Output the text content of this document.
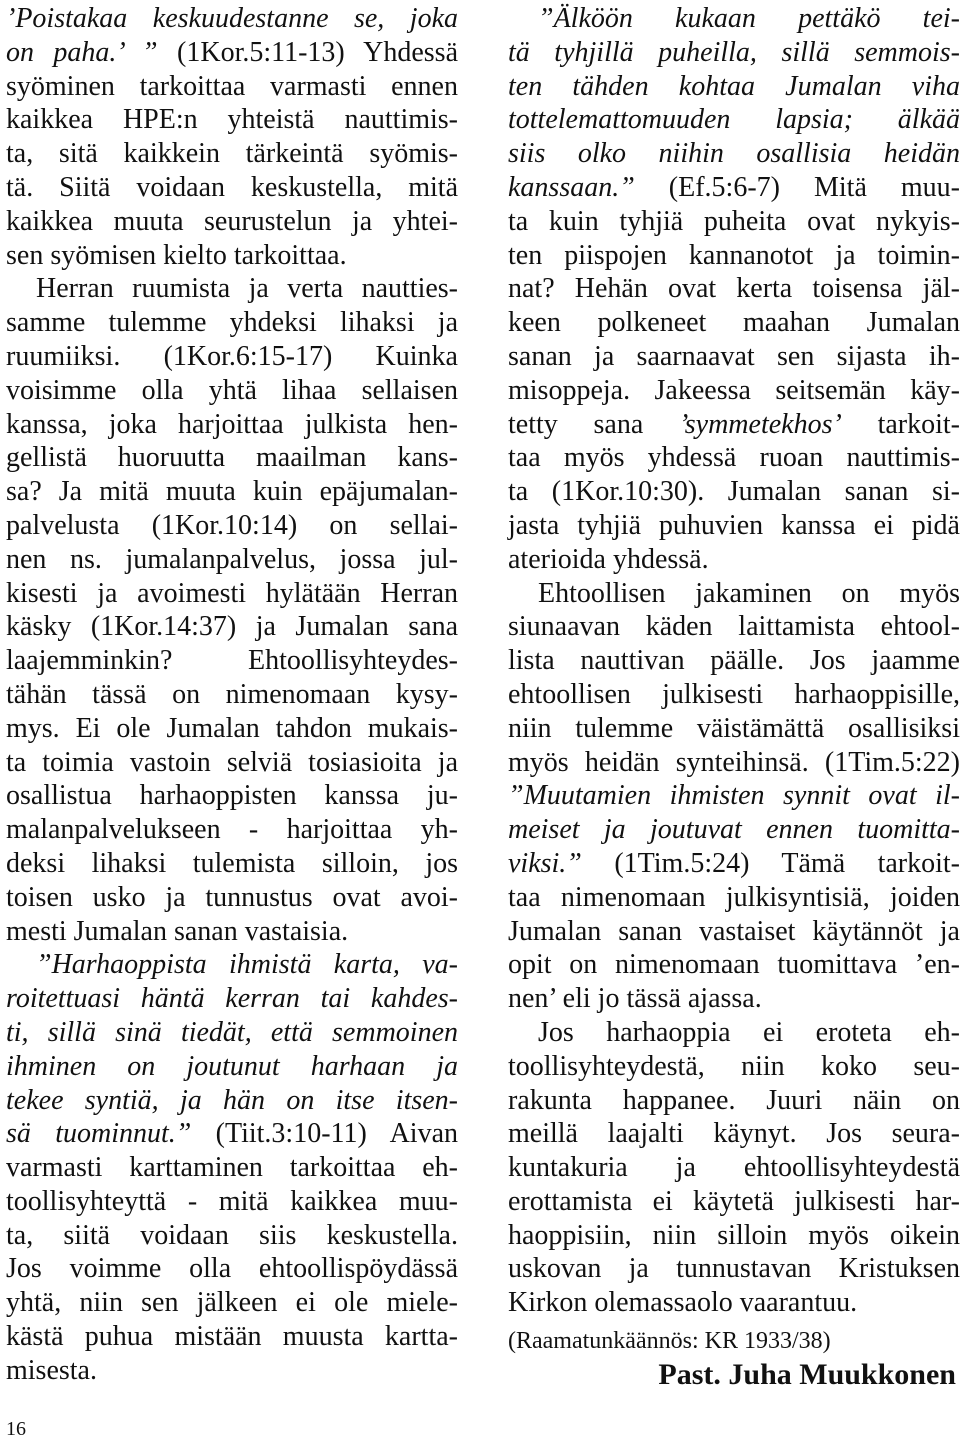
’Poistakaa keskuudestanne se, joka
on paha.’ ” (1Kor.5:11-13) Yhdessä
syöminen tarkoittaa varmasti ennen
kaikkea HPE:n yhteistä nauttimis-
ta, sitä kaikkein tärkeintä syömis-
tä. Siitä voidaan keskustella, mitä
kaikkea muuta seurustelun ja yhtei-
sen syömisen kielto tarkoittaa.
Herran ruumista ja verta nautties-
samme tulemme yhdeksi lihaksi ja
ruumiiksi. (1Kor.6:15-17) Kuinka
voisimme olla yhtä lihaa sellaisen
kanssa, joka harjoittaa julkista hen-
gellistä huoruutta maailman kans-
sa? Ja mitä muuta kuin epäjumalan-
palvelusta (1Kor.10:14) on sellai-
nen ns. jumalanpalvelus, jossa jul-
kisesti ja avoimesti hylätään Herran
käsky (1Kor.14:37) ja Jumalan sana
laajemminkin? Ehtoollisyhteydes-
tähän tässä on nimenomaan kysy-
mys. Ei ole Jumalan tahdon mukais-
ta toimia vastoin selviä tosiasioita ja
osallistua harhaoppisten kanssa ju-
malanpalvelukseen - harjoittaa yh-
deksi lihaksi tulemista silloin, jos
toisen usko ja tunnustus ovat avoi-
mesti Jumalan sanan vastaisia.
”Harhaoppista ihmistä karta, va-
roitettuasi häntä kerran tai kahdes-
ti, sillä sinä tiedät, että semmoinen
ihminen on joutunut harhaan ja
tekee syntiä, ja hän on itse itsen-
sä tuominnut.” (Tiit.3:10-11) Aivan
varmasti karttaminen tarkoittaa eh-
toollisyhteyttä - mitä kaikkea muu-
ta, siitä voidaan siis keskustella.
Jos voimme olla ehtoollispöydässä
yhtä, niin sen jälkeen ei ole miele-
kästä puhua mistään muusta kartta-
misesta.
”Älköön kukaan pettäkö tei-
tä tyhjillä puheilla, sillä semmois-
ten tähden kohtaa Jumalan viha
tottelemattomuuden lapsia; älkää
siis olko niihin osallisia heidän
kanssaan.” (Ef.5:6-7) Mitä muu-
ta kuin tyhjiä puheita ovat nykyis-
ten piispojen kannanotot ja toimin-
nat? Hehän ovat kerta toisensa jäl-
keen polkeneet maahan Jumalan
sanan ja saarnaavat sen sijasta ih-
misoppeja. Jakeessa seitsemän käy-
tetty sana ’symmetekhos’ tarkoit-
taa myös yhdessä ruoan nauttimis-
ta (1Kor.10:30). Jumalan sanan si-
jasta tyhjiä puhuvien kanssa ei pidä
aterioida yhdessä.
Ehtoollisen jakaminen on myös
siunaavan käden laittamista ehtool-
lista nauttivan päälle. Jos jaamme
ehtoollisen julkisesti harhaoppisille,
niin tulemme väistämättä osallisiksi
myös heidän synteihinsä. (1Tim.5:22)
”Muutamien ihmisten synnit ovat il-
meiset ja joutuvat ennen tuomitta-
viksi.” (1Tim.5:24) Tämä tarkoit-
taa nimenomaan julkisyntisiä, joiden
Jumalan sanan vastaiset käytännöt ja
opit on nimenomaan tuomittava ’en-
nen’ eli jo tässä ajassa.
Jos harhaoppia ei eroteta eh-
toollisyhteydestä, niin koko seu-
rakunta happanee. Juuri näin on
meillä laajalti käynyt. Jos seura-
kuntakuria ja ehtoollisyhteydestä
erottamista ei käytetä julkisesti har-
haoppisiin, niin silloin myös oikein
uskovan ja tunnustavan Kristuksen
Kirkon olemassaolo vaarantuu.
(Raamatunkäännös: KR 1933/38)
Past. Juha Muukkonen
16
